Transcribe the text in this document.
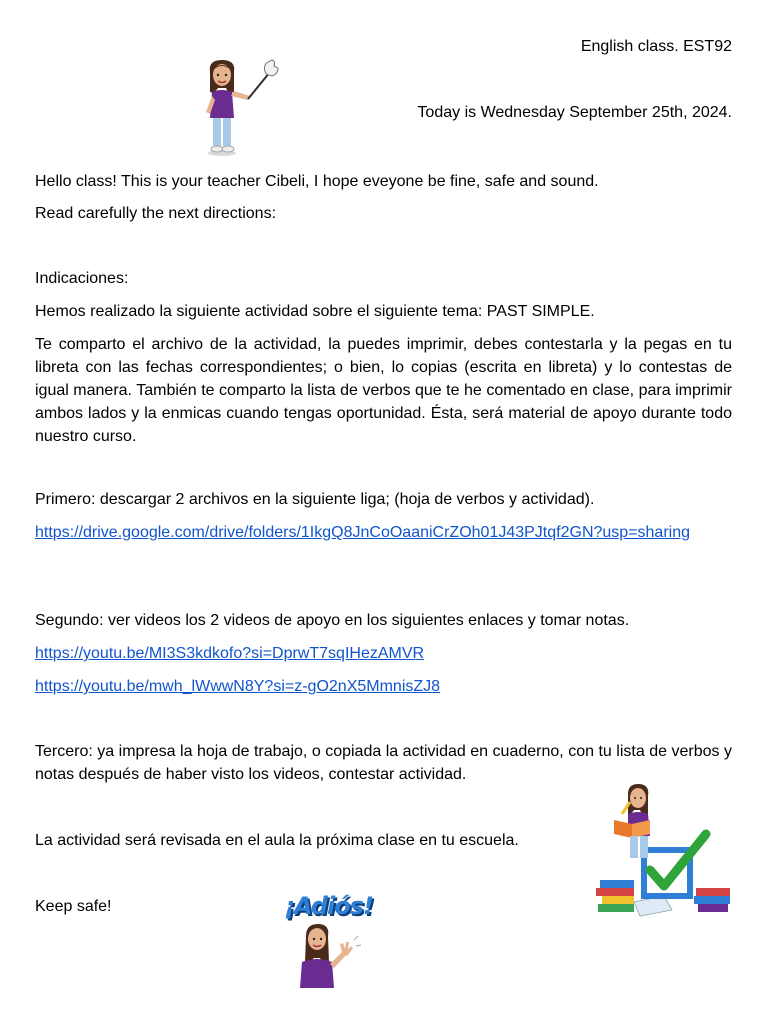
English class. EST92
Today is Wednesday September 25th, 2024.

Hello class! This is your teacher Cibeli, I hope eveyone be fine, safe and sound.

Read carefully the next directions:

Indicaciones:

Hemos realizado la siguiente actividad sobre el siguiente tema: PAST SIMPLE.

Te comparto el archivo de la actividad, la puedes imprimir, debes contestarla y la pegas en tu libreta con las fechas correspondientes; o bien, lo copias (escrita en libreta) y lo contestas de igual manera. También te comparto la lista de verbos que te he comentado en clase, para imprimir ambos lados y la enmicas cuando tengas oportunidad. Ésta, será material de apoyo durante todo nuestro curso.

Primero: descargar 2 archivos en la siguiente liga; (hoja de verbos y actividad).

https://drive.google.com/drive/folders/1IkgQ8JnCoOaaniCrZOh01J43PJtqf2GN?usp=sharing

Segundo: ver videos los 2 videos de apoyo en los siguientes enlaces y tomar notas.

https://youtu.be/MI3S3kdkofo?si=DprwT7sqIHezAMVR
https://youtu.be/mwh_lWwwN8Y?si=z-gO2nX5MmnisZJ8

Tercero: ya impresa la hoja de trabajo, o copiada la actividad en cuaderno, con tu lista de verbos y notas después de haber visto los videos, contestar actividad.

La actividad será revisada en el aula la próxima clase en tu escuela.

Keep safe!	¡Adiós!
